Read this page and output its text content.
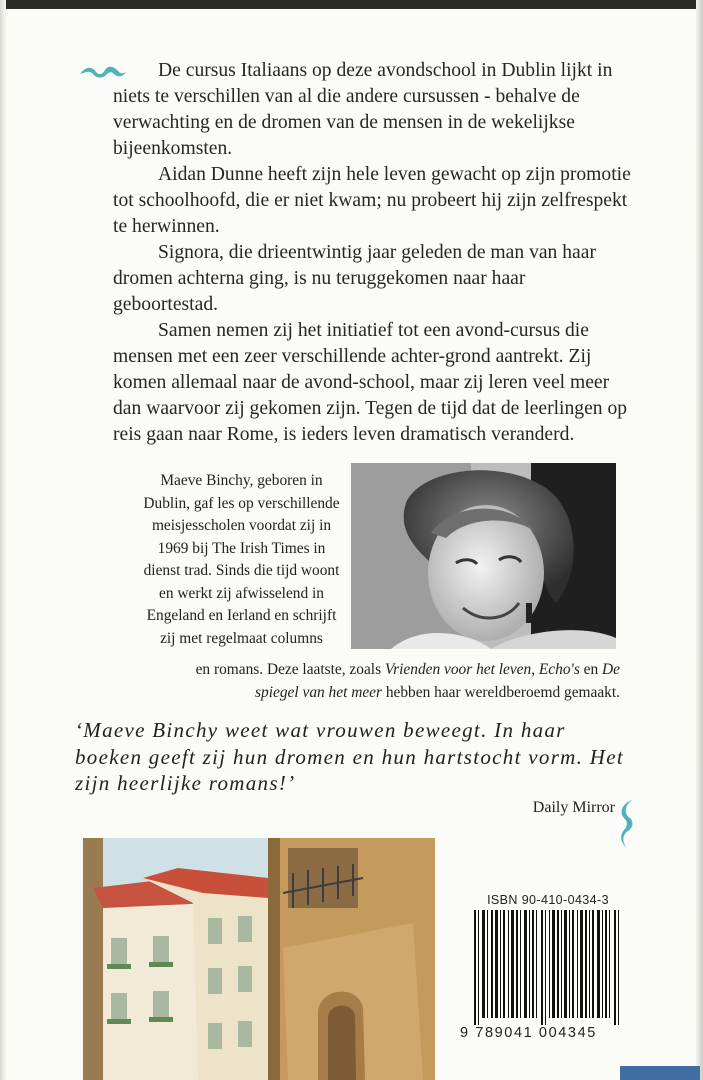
De cursus Italiaans op deze avondschool in Dublin lijkt in niets te verschillen van al die andere cursussen - behalve de verwachting en de dromen van de mensen in de wekelijkse bijeenkomsten.

Aidan Dunne heeft zijn hele leven gewacht op zijn promotie tot schoolhoofd, die er niet kwam; nu probeert hij zijn zelfrespekt te herwinnen.

Signora, die drieentwintig jaar geleden de man van haar dromen achterna ging, is nu teruggekomen naar haar geboortestad.

Samen nemen zij het initiatief tot een avond-cursus die mensen met een zeer verschillende achter-grond aantrekt. Zij komen allemaal naar de avond-school, maar zij leren veel meer dan waarvoor zij gekomen zijn. Tegen de tijd dat de leerlingen op reis gaan naar Rome, is ieders leven dramatisch veranderd.

Maeve Binchy, geboren in Dublin, gaf les op verschillende meisjesscholen voordat zij in 1969 bij The Irish Times in dienst trad. Sinds die tijd woont en werkt zij afwisselend in Engeland en Ierland en schrijft zij met regelmaat columns
en romans. Deze laatste, zoals Vrienden voor het leven, Echo's en De spiegel van het meer hebben haar wereldberoemd gemaakt.
‘Maeve Binchy weet wat vrouwen beweegt. In haar boeken geeft zij hun dromen en hun hartstocht vorm. Het zijn heerlijke romans!’
Daily Mirror
ISBN 90-410-0434-3
9 789041 004345
